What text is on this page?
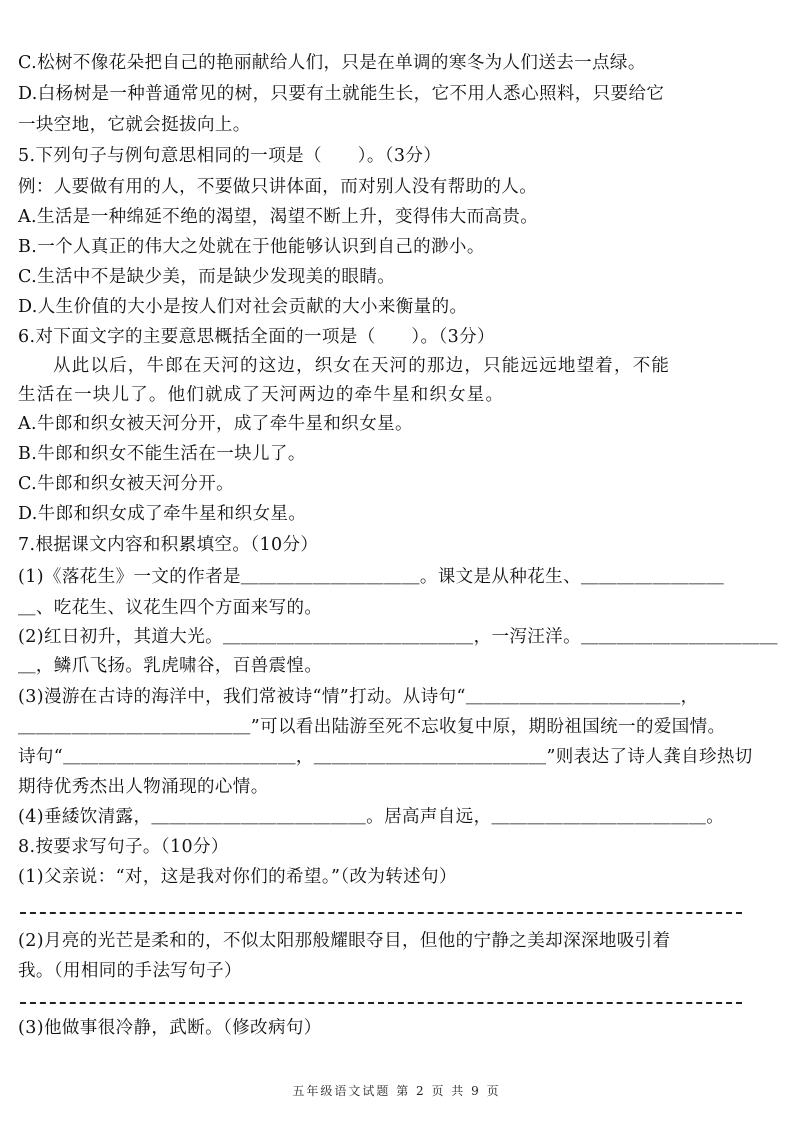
C.松树不像花朵把自己的艳丽献给人们，只是在单调的寒冬为人们送去一点绿。
D.白杨树是一种普通常见的树，只要有土就能生长，它不用人悉心照料，只要给它
一块空地，它就会挺拔向上。
5.下列句子与例句意思相同的一项是（　　）。（3分）
例：人要做有用的人，不要做只讲体面，而对别人没有帮助的人。
A.生活是一种绵延不绝的渴望，渴望不断上升，变得伟大而高贵。
B.一个人真正的伟大之处就在于他能够认识到自己的渺小。
C.生活中不是缺少美，而是缺少发现美的眼睛。
D.人生价值的大小是按人们对社会贡献的大小来衡量的。
6.对下面文字的主要意思概括全面的一项是（　　）。（3分）
从此以后，牛郎在天河的这边，织女在天河的那边，只能远远地望着，不能
生活在一块儿了。他们就成了天河两边的牵牛星和织女星。
A.牛郎和织女被天河分开，成了牵牛星和织女星。
B.牛郎和织女不能生活在一块儿了。
C.牛郎和织女被天河分开。
D.牛郎和织女成了牵牛星和织女星。
7.根据课文内容和积累填空。（10分）
(1)《落花生》一文的作者是＿＿＿＿＿＿＿＿＿＿。课文是从种花生、＿＿＿＿＿＿＿＿
＿、吃花生、议花生四个方面来写的。
(2)红日初升，其道大光。＿＿＿＿＿＿＿＿＿＿＿＿＿＿，一泻汪洋。＿＿＿＿＿＿＿＿＿＿＿
＿，鳞爪飞扬。乳虎啸谷，百兽震惶。
(3)漫游在古诗的海洋中，我们常被诗“情”打动。从诗句“＿＿＿＿＿＿＿＿＿＿＿＿，
＿＿＿＿＿＿＿＿＿＿＿＿＿”可以看出陆游至死不忘收复中原，期盼祖国统一的爱国情。
诗句“＿＿＿＿＿＿＿＿＿＿＿＿＿，＿＿＿＿＿＿＿＿＿＿＿＿＿”则表达了诗人龚自珍热切
期待优秀杰出人物涌现的心情。
(4)垂緌饮清露，＿＿＿＿＿＿＿＿＿＿＿＿。居高声自远，＿＿＿＿＿＿＿＿＿＿＿＿。
8.按要求写句子。（10分）
(1)父亲说：“对，这是我对你们的希望。”（改为转述句）
(2)月亮的光芒是柔和的，不似太阳那般耀眼夺目，但他的宁静之美却深深地吸引着
我。（用相同的手法写句子）
(3)他做事很冷静，武断。（修改病句）
五年级语文试题 第 2 页 共 9 页
